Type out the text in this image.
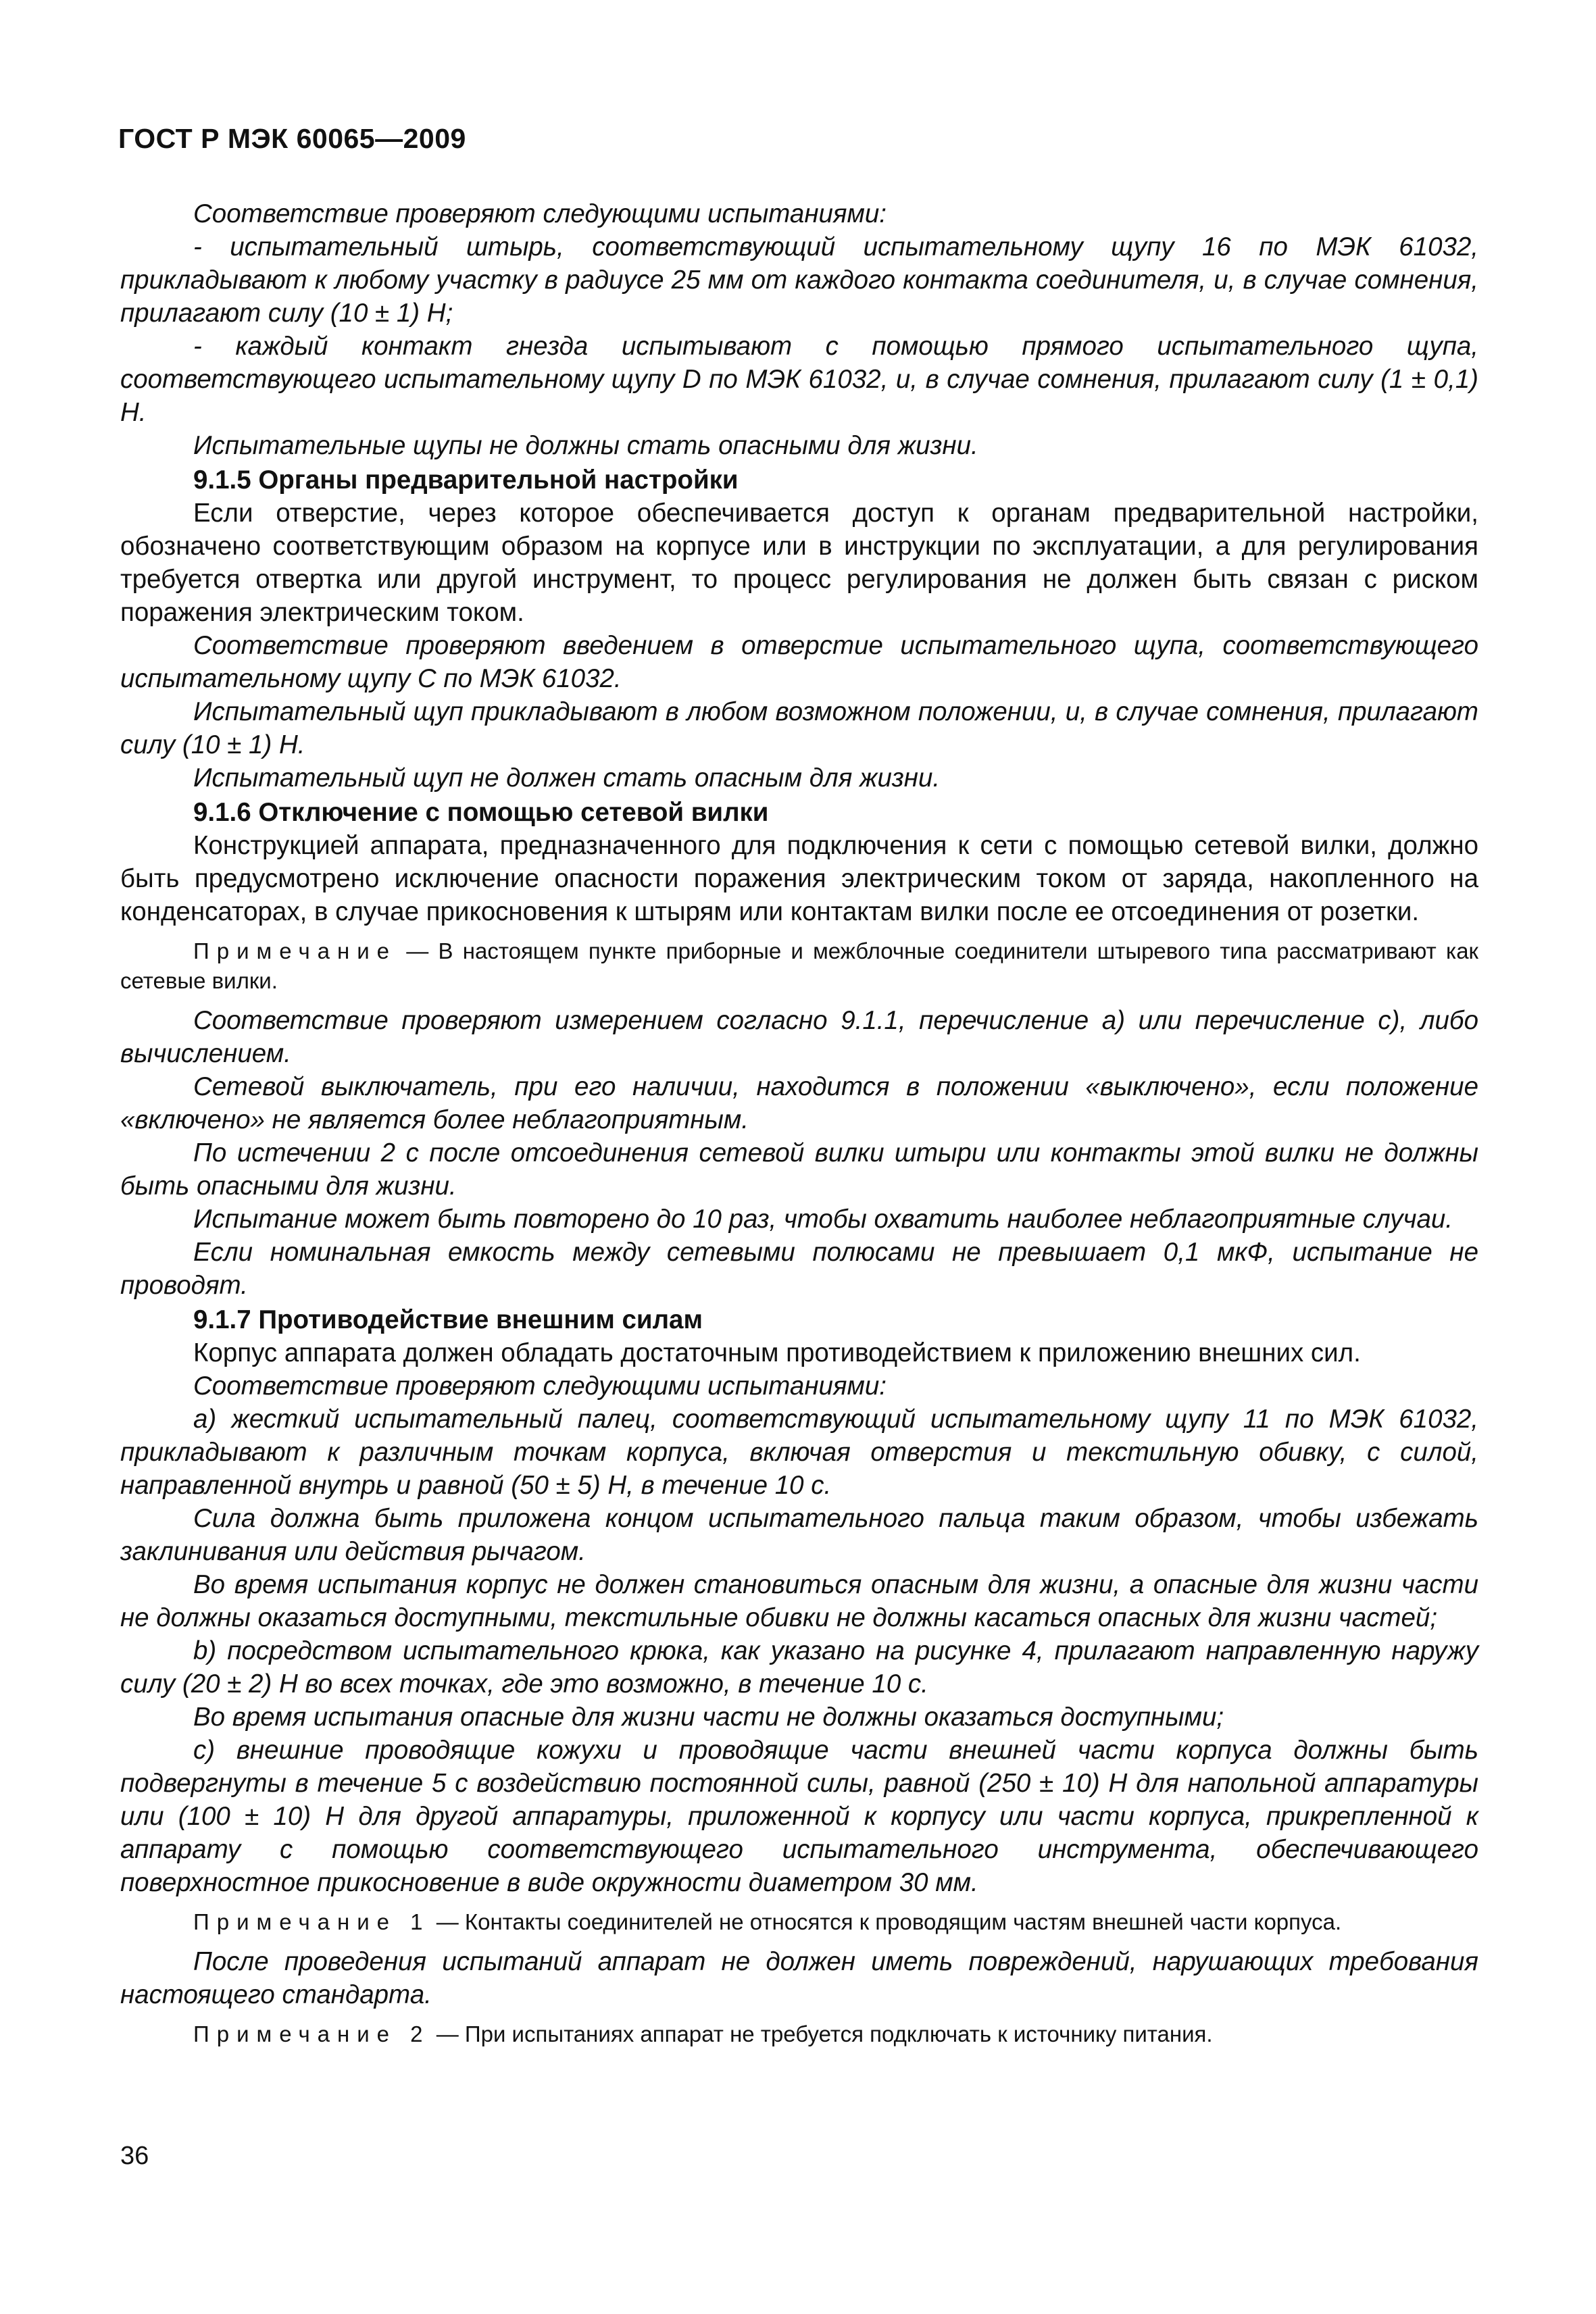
ГОСТ Р МЭК 60065—2009

Соответствие проверяют следующими испытаниями:

- испытательный штырь, соответствующий испытательному щупу 16 по МЭК 61032, прикладывают к любому участку в радиусе 25 мм от каждого контакта соединителя, и, в случае сомнения, прилагают силу (10 ± 1) Н;

- каждый контакт гнезда испытывают с помощью прямого испытательного щупа, соответствующего испытательному щупу D по МЭК 61032, и, в случае сомнения, прилагают силу (1 ± 0,1) Н.

Испытательные щупы не должны стать опасными для жизни.

9.1.5 Органы предварительной настройки

Если отверстие, через которое обеспечивается доступ к органам предварительной настройки, обозначено соответствующим образом на корпусе или в инструкции по эксплуатации, а для регулирования требуется отвертка или другой инструмент, то процесс регулирования не должен быть связан с риском поражения электрическим током.

Соответствие проверяют введением в отверстие испытательного щупа, соответствующего испытательному щупу С по МЭК 61032.

Испытательный щуп прикладывают в любом возможном положении, и, в случае сомнения, прилагают силу (10 ± 1) Н.

Испытательный щуп не должен стать опасным для жизни.

9.1.6 Отключение с помощью сетевой вилки

Конструкцией аппарата, предназначенного для подключения к сети с помощью сетевой вилки, должно быть предусмотрено исключение опасности поражения электрическим током от заряда, накопленного на конденсаторах, в случае прикосновения к штырям или контактам вилки после ее отсоединения от розетки.

Примечание — В настоящем пункте приборные и межблочные соединители штыревого типа рассматривают как сетевые вилки.

Соответствие проверяют измерением согласно 9.1.1, перечисление а) или перечисление с), либо вычислением.

Сетевой выключатель, при его наличии, находится в положении «выключено», если положение «включено» не является более неблагоприятным.

По истечении 2 с после отсоединения сетевой вилки штыри или контакты этой вилки не должны быть опасными для жизни.

Испытание может быть повторено до 10 раз, чтобы охватить наиболее неблагоприятные случаи.

Если номинальная емкость между сетевыми полюсами не превышает 0,1 мкФ, испытание не проводят.

9.1.7 Противодействие внешним силам

Корпус аппарата должен обладать достаточным противодействием к приложению внешних сил.

Соответствие проверяют следующими испытаниями:

а) жесткий испытательный палец, соответствующий испытательному щупу 11 по МЭК 61032, прикладывают к различным точкам корпуса, включая отверстия и текстильную обивку, с силой, направленной внутрь и равной (50 ± 5) Н, в течение 10 с.

Сила должна быть приложена концом испытательного пальца таким образом, чтобы избежать заклинивания или действия рычагом.

Во время испытания корпус не должен становиться опасным для жизни, а опасные для жизни части не должны оказаться доступными, текстильные обивки не должны касаться опасных для жизни частей;

b) посредством испытательного крюка, как указано на рисунке 4, прилагают направленную наружу силу (20 ± 2) Н во всех точках, где это возможно, в течение 10 с.

Во время испытания опасные для жизни части не должны оказаться доступными;

с) внешние проводящие кожухи и проводящие части внешней части корпуса должны быть подвергнуты в течение 5 с воздействию постоянной силы, равной (250 ± 10) Н для напольной аппаратуры или (100 ± 10) Н для другой аппаратуры, приложенной к корпусу или части корпуса, прикрепленной к аппарату с помощью соответствующего испытательного инструмента, обеспечивающего поверхностное прикосновение в виде окружности диаметром 30 мм.

Примечание 1 — Контакты соединителей не относятся к проводящим частям внешней части корпуса.

После проведения испытаний аппарат не должен иметь повреждений, нарушающих требования настоящего стандарта.

Примечание 2 — При испытаниях аппарат не требуется подключать к источнику питания.

36
